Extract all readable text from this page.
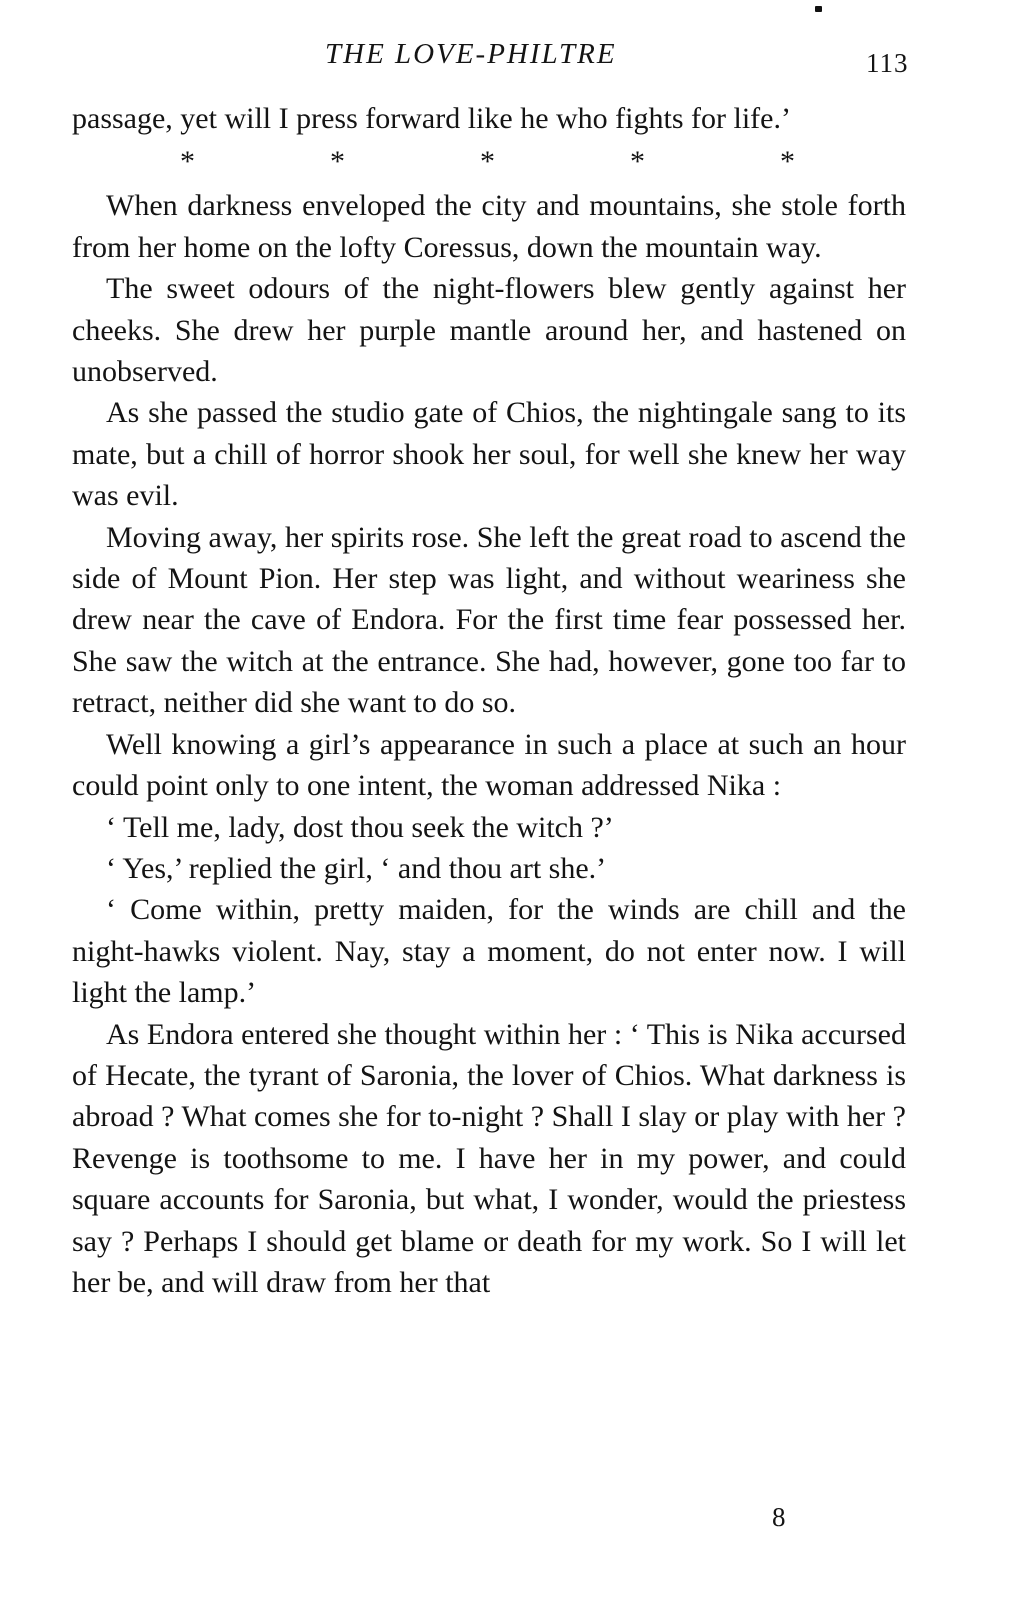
THE LOVE-PHILTRE	113

passage, yet will I press forward like he who fights for life.’

*	*	*	*	*

When darkness enveloped the city and mountains, she stole forth from her home on the lofty Coressus, down the mountain way.

The sweet odours of the night-flowers blew gently against her cheeks. She drew her purple mantle around her, and hastened on unobserved.

As she passed the studio gate of Chios, the nightingale sang to its mate, but a chill of horror shook her soul, for well she knew her way was evil.

Moving away, her spirits rose. She left the great road to ascend the side of Mount Pion. Her step was light, and without weariness she drew near the cave of Endora. For the first time fear possessed her. She saw the witch at the entrance. She had, however, gone too far to retract, neither did she want to do so.

Well knowing a girl’s appearance in such a place at such an hour could point only to one intent, the woman addressed Nika :

‘ Tell me, lady, dost thou seek the witch ?’

‘ Yes,’ replied the girl, ‘ and thou art she.’

‘ Come within, pretty maiden, for the winds are chill and the night-hawks violent. Nay, stay a moment, do not enter now. I will light the lamp.’

As Endora entered she thought within her : ‘ This is Nika accursed of Hecate, the tyrant of Saronia, the lover of Chios. What darkness is abroad ? What comes she for to-night ? Shall I slay or play with her ? Revenge is toothsome to me. I have her in my power, and could square accounts for Saronia, but what, I wonder, would the priestess say ? Perhaps I should get blame or death for my work. So I will let her be, and will draw from her that

8
